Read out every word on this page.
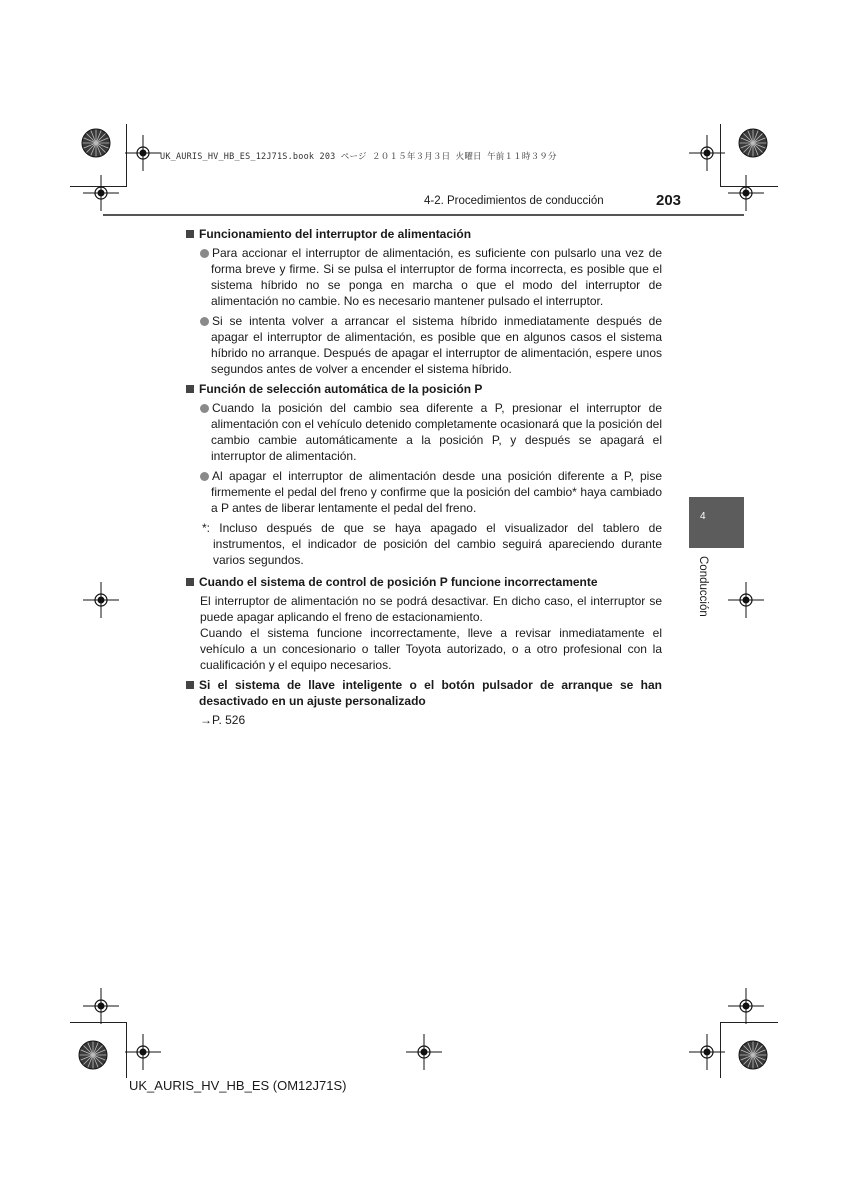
UK_AURIS_HV_HB_ES_12J71S.book 203 ページ ２０１５年３月３日 火曜日 午前１１時３９分
4-2. Procedimientos de conducción	203
4
Conducción
Funcionamiento del interruptor de alimentación
Para accionar el interruptor de alimentación, es suficiente con pulsarlo una vez de forma breve y firme. Si se pulsa el interruptor de forma incorrecta, es posible que el sistema híbrido no se ponga en marcha o que el modo del interruptor de alimentación no cambie. No es necesario mantener pulsado el interruptor.
Si se intenta volver a arrancar el sistema híbrido inmediatamente después de apagar el interruptor de alimentación, es posible que en algunos casos el sistema híbrido no arranque. Después de apagar el interruptor de alimentación, espere unos segundos antes de volver a encender el sistema híbrido.
Función de selección automática de la posición P
Cuando la posición del cambio sea diferente a P, presionar el interruptor de alimentación con el vehículo detenido completamente ocasionará que la posición del cambio cambie automáticamente a la posición P, y después se apagará el interruptor de alimentación.
Al apagar el interruptor de alimentación desde una posición diferente a P, pise firmemente el pedal del freno y confirme que la posición del cambio* haya cambiado a P antes de liberar lentamente el pedal del freno.
*: Incluso después de que se haya apagado el visualizador del tablero de instrumentos, el indicador de posición del cambio seguirá apareciendo durante varios segundos.
Cuando el sistema de control de posición P funcione incorrectamente
El interruptor de alimentación no se podrá desactivar. En dicho caso, el interruptor se puede apagar aplicando el freno de estacionamiento.
Cuando el sistema funcione incorrectamente, lleve a revisar inmediatamente el vehículo a un concesionario o taller Toyota autorizado, o a otro profesional con la cualificación y el equipo necesarios.
Si el sistema de llave inteligente o el botón pulsador de arranque se han desactivado en un ajuste personalizado
→P. 526
UK_AURIS_HV_HB_ES (OM12J71S)
